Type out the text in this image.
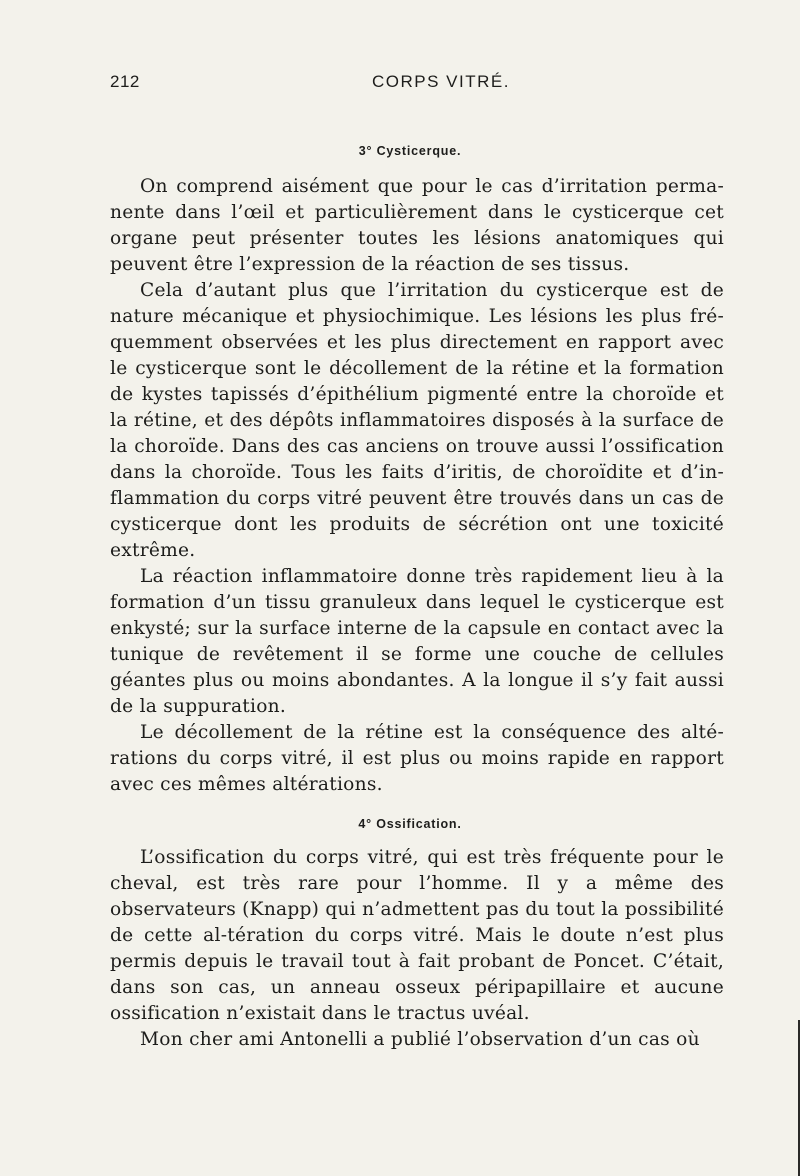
212	CORPS VITRÉ.
3° Cysticerque.

On comprend aisément que pour le cas d’irritation perma-nente dans l’œil et particulièrement dans le cysticerque cet organe peut présenter toutes les lésions anatomiques qui peuvent être l’expression de la réaction de ses tissus.

Cela d’autant plus que l’irritation du cysticerque est de nature mécanique et physiochimique. Les lésions les plus fré-quemment observées et les plus directement en rapport avec le cysticerque sont le décollement de la rétine et la formation de kystes tapissés d’épithélium pigmenté entre la choroïde et la rétine, et des dépôts inflammatoires disposés à la surface de la choroïde. Dans des cas anciens on trouve aussi l’ossification dans la choroïde. Tous les faits d’iritis, de choroïdite et d’in-flammation du corps vitré peuvent être trouvés dans un cas de cysticerque dont les produits de sécrétion ont une toxicité extrême.

La réaction inflammatoire donne très rapidement lieu à la formation d’un tissu granuleux dans lequel le cysticerque est enkysté; sur la surface interne de la capsule en contact avec la tunique de revêtement il se forme une couche de cellules géantes plus ou moins abondantes. A la longue il s’y fait aussi de la suppuration.

Le décollement de la rétine est la conséquence des alté-rations du corps vitré, il est plus ou moins rapide en rapport avec ces mêmes altérations.

4° Ossification.

L’ossification du corps vitré, qui est très fréquente pour le cheval, est très rare pour l’homme. Il y a même des observateurs (Knapp) qui n’admettent pas du tout la possibilité de cette al-tération du corps vitré. Mais le doute n’est plus permis depuis le travail tout à fait probant de Poncet. C’était, dans son cas, un anneau osseux péripapillaire et aucune ossification n’existait dans le tractus uvéal.

Mon cher ami Antonelli a publié l’observation d’un cas où
